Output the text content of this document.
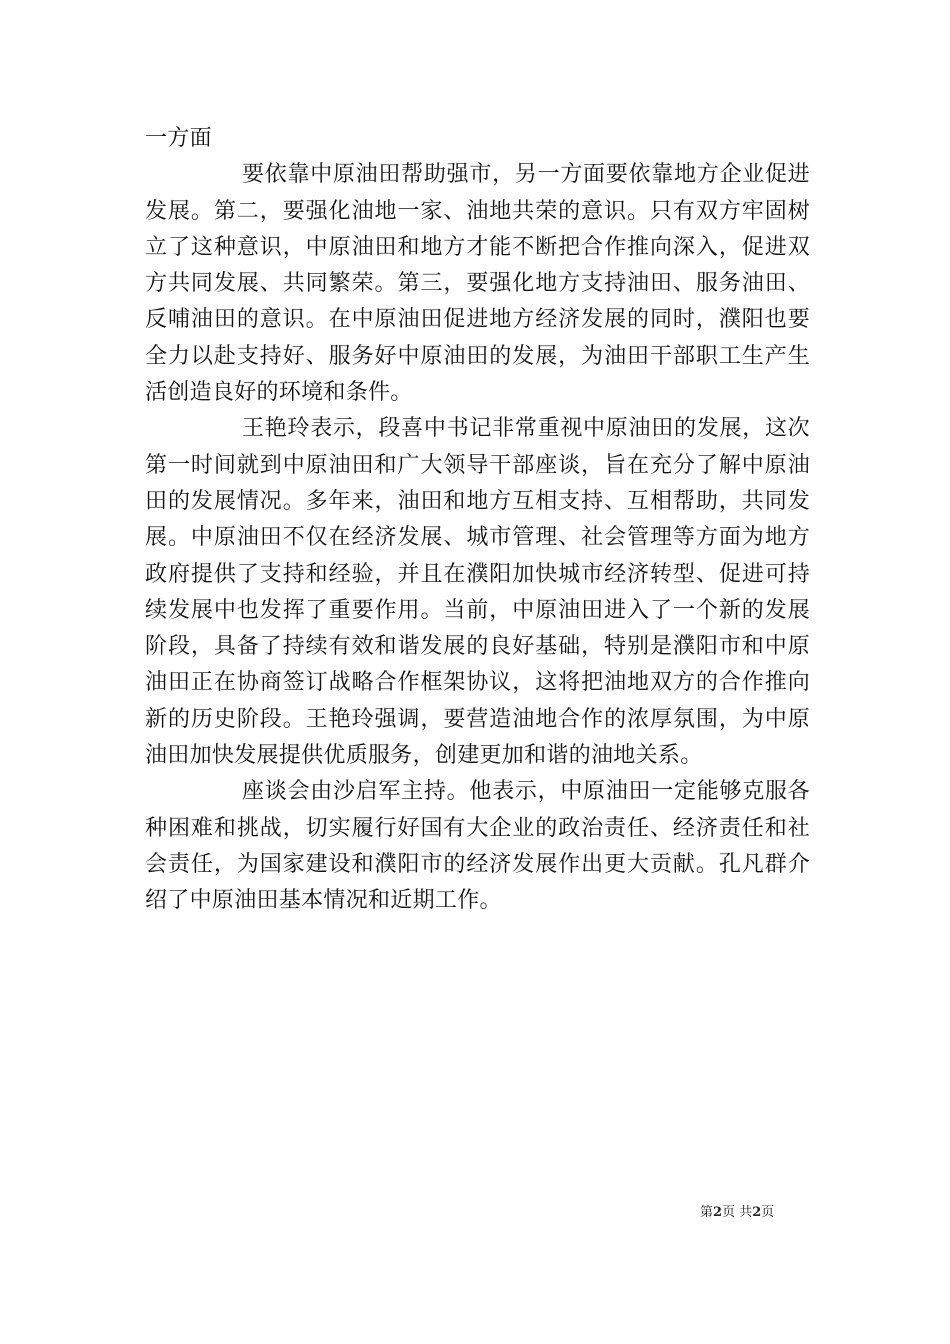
一方面

要依靠中原油田帮助强市，另一方面要依靠地方企业促进发展。第二，要强化油地一家、油地共荣的意识。只有双方牢固树立了这种意识，中原油田和地方才能不断把合作推向深入，促进双方共同发展、共同繁荣。第三，要强化地方支持油田、服务油田、反哺油田的意识。在中原油田促进地方经济发展的同时，濮阳也要全力以赴支持好、服务好中原油田的发展，为油田干部职工生产生活创造良好的环境和条件。

王艳玲表示，段喜中书记非常重视中原油田的发展，这次第一时间就到中原油田和广大领导干部座谈，旨在充分了解中原油田的发展情况。多年来，油田和地方互相支持、互相帮助，共同发展。中原油田不仅在经济发展、城市管理、社会管理等方面为地方政府提供了支持和经验，并且在濮阳加快城市经济转型、促进可持续发展中也发挥了重要作用。当前，中原油田进入了一个新的发展阶段，具备了持续有效和谐发展的良好基础，特别是濮阳市和中原油田正在协商签订战略合作框架协议，这将把油地双方的合作推向新的历史阶段。王艳玲强调，要营造油地合作的浓厚氛围，为中原油田加快发展提供优质服务，创建更加和谐的油地关系。

座谈会由沙启军主持。他表示，中原油田一定能够克服各种困难和挑战，切实履行好国有大企业的政治责任、经济责任和社会责任，为国家建设和濮阳市的经济发展作出更大贡献。孔凡群介绍了中原油田基本情况和近期工作。

第2页 共2页
